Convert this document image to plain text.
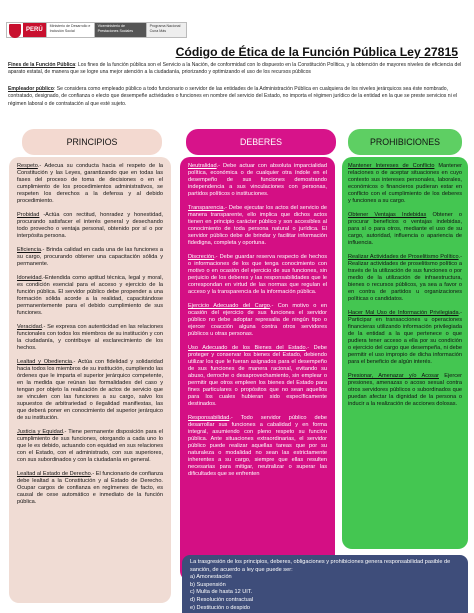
PERÚ
Ministerio de Desarrollo e Inclusión Social
Viceministerio de Prestaciones Sociales
Programa Nacional Cuna Más
Código de Ética de la Función Pública Ley 27815
Fines de la Función Pública: Los fines de la función pública son el Servicio a la Nación, de conformidad con lo dispuesto en la Constitución Política, y la obtención de mayores niveles de eficiencia del aparato estatal, de manera que se logre una mejor atención a la ciudadanía, priorizando y optimizando el uso de los recursos públicos
Empleador público: Se considera como empleado público a todo funcionario o servidor de las entidades de la Administración Pública en cualquiera de los niveles jerárquicos sea éste nombrado, contratado, designado, de confianza o electo que desempeñe actividades o funciones en nombre del servicio del Estado, no importa el régimen jurídico de la entidad en la que se preste servicios ni el régimen laboral o de contratación al que esté sujeto.
PRINCIPIOS

Respeto.- Adecua su conducta hacia el respeto de la Constitución y las Leyes, garantizando que en todas las fases del proceso de toma de decisiones o en el cumplimiento de los procedimientos administrativos, se respeten los derechos a la defensa y al debido procedimiento.

Probidad -Actúa con rectitud, honradez y honestidad, procurando satisfacer el interés general y desechando todo provecho o ventaja personal, obtenido por sí o por interpósita persona.

Eficiencia.- Brinda calidad en cada una de las funciones a su cargo, procurando obtener una capacitación sólida y permanente.

Idoneidad.-Entendida como aptitud técnica, legal y moral, es condición esencial para el acceso y ejercicio de la función pública. El servidor público debe propender a una formación sólida acorde a la realidad, capacitándose permanentemente para el debido cumplimiento de sus funciones.

Veracidad.- Se expresa con autenticidad en las relaciones funcionales con todos los miembros de su institución y con la ciudadanía, y contribuye al esclarecimiento de los hechos.

Lealtad y Obediencia.- Actúa con fidelidad y solidaridad hacia todos los miembros de su institución, cumpliendo las órdenes que le imparta el superior jerárquico competente, en la medida que reúnan las formalidades del caso y tengan por objeto la realización de actos de servicio que se vinculen con las funciones a su cargo, salvo los supuestos de arbitrariedad o ilegalidad manifiestas, las que deberá poner en conocimiento del superior jerárquico de su institución.

Justicia y Equidad.- Tiene permanente disposición para el cumplimiento de sus funciones, otorgando a cada uno lo que le es debido, actuando con equidad en sus relaciones con el Estado, con el administrado, con sus superiores, con sus subordinados y con la ciudadanía en general.

Lealtad al Estado de Derecho.- El funcionario de confianza debe lealtad a la Constitución y al Estado de Derecho. Ocupar cargos de confianza en regímenes de facto, es causal de cese automático e inmediato de la función pública.

DEBERES

Neutralidad.- Debe actuar con absoluta imparcialidad política, económica o de cualquier otra índole en el desempeño de sus funciones demostrando independencia a sus vinculaciones con personas, partidos políticos o instituciones.

Transparencia.- Debe ejecutar los actos del servicio de manera transparente, ello implica que dichos actos tienen en principio carácter público y son accesibles al conocimiento de toda persona natural o jurídica. El servidor público debe de brindar y facilitar información fidedigna, completa y oportuna.

Discreción.- Debe guardar reserva respecto de hechos o informaciones de los que tenga conocimiento con motivo o en ocasión del ejercicio de sus funciones, sin perjuicio de los deberes y las responsabilidades que le correspondan en virtud de las normas que regulan el acceso y la transparencia de la información pública.

Ejercicio Adecuado del Cargo.- Con motivo o en ocasión del ejercicio de sus funciones el servidor público no debe adoptar represalia de ningún tipo o ejercer coacción alguna contra otros servidores públicos u otras personas.

Uso Adecuado de los Bienes del Estado.- Debe proteger y conservar los bienes del Estado, debiendo utilizar los que le fueran asignados para el desempeño de sus funciones de manera racional, evitando su abuso, derroche o desaprovechamiento, sin emplear o permitir que otros empleen los bienes del Estado para fines particulares o propósitos que no sean aquellos para los cuales hubieran sido específicamente destinados.

Responsabilidad.- Todo servidor público debe desarrollar sus funciones a cabalidad y en forma integral, asumiendo con pleno respeto su función pública. Ante situaciones extraordinarias, el servidor público puede realizar aquellas tareas que por su naturaleza o modalidad no sean las estrictamente inherentes a su cargo, siempre que ellas resulten necesarias para mitigar, neutralizar o superar las dificultades que se enfrenten

PROHIBICIONES

Mantener Intereses de Conflicto Mantener relaciones o de aceptar situaciones en cuyo contexto sus intereses personales, laborales, económicos o financieros pudieran estar en conflicto con el cumplimiento de los deberes y funciones a su cargo.

Obtener Ventajas Indebidas Obtener o procurar beneficios o ventajas indebidas, para sí o para otros, mediante el uso de su cargo, autoridad, influencia o apariencia de influencia.

Realizar Actividades de Proselitismo Político.- Realizar actividades de proselitismo político a través de la utilización de sus funciones o por medio de la utilización de infraestructura, bienes o recursos públicos, ya sea a favor o en contra de partidos u organizaciones políticas o candidatos.

Hacer Mal Uso de Información Privilegiada.- Participar en transacciones u operaciones financieras utilizando información privilegiada de la entidad a la que pertenece o que pudiera tener acceso a ella por su condición o ejercicio del cargo que desempeña, ni debe permitir el uso impropio de dicha información para el beneficio de algún interés.

Presionar, Amenazar y/o Acosar Ejercer presiones, amenazas o acoso sexual contra otros servidores públicos o subordinados que puedan afectar la dignidad de la persona o inducir a la realización de acciones dolosas.

La trasgresión de los principios, deberes, obligaciones y prohibiciones genera responsabilidad pasible de sanción, de acuerdo a ley que puede ser:
a) Amonestación
b) Suspensión
c) Multa de hasta 12 UIT.
d) Resolución contractual
e) Destitución o despido
